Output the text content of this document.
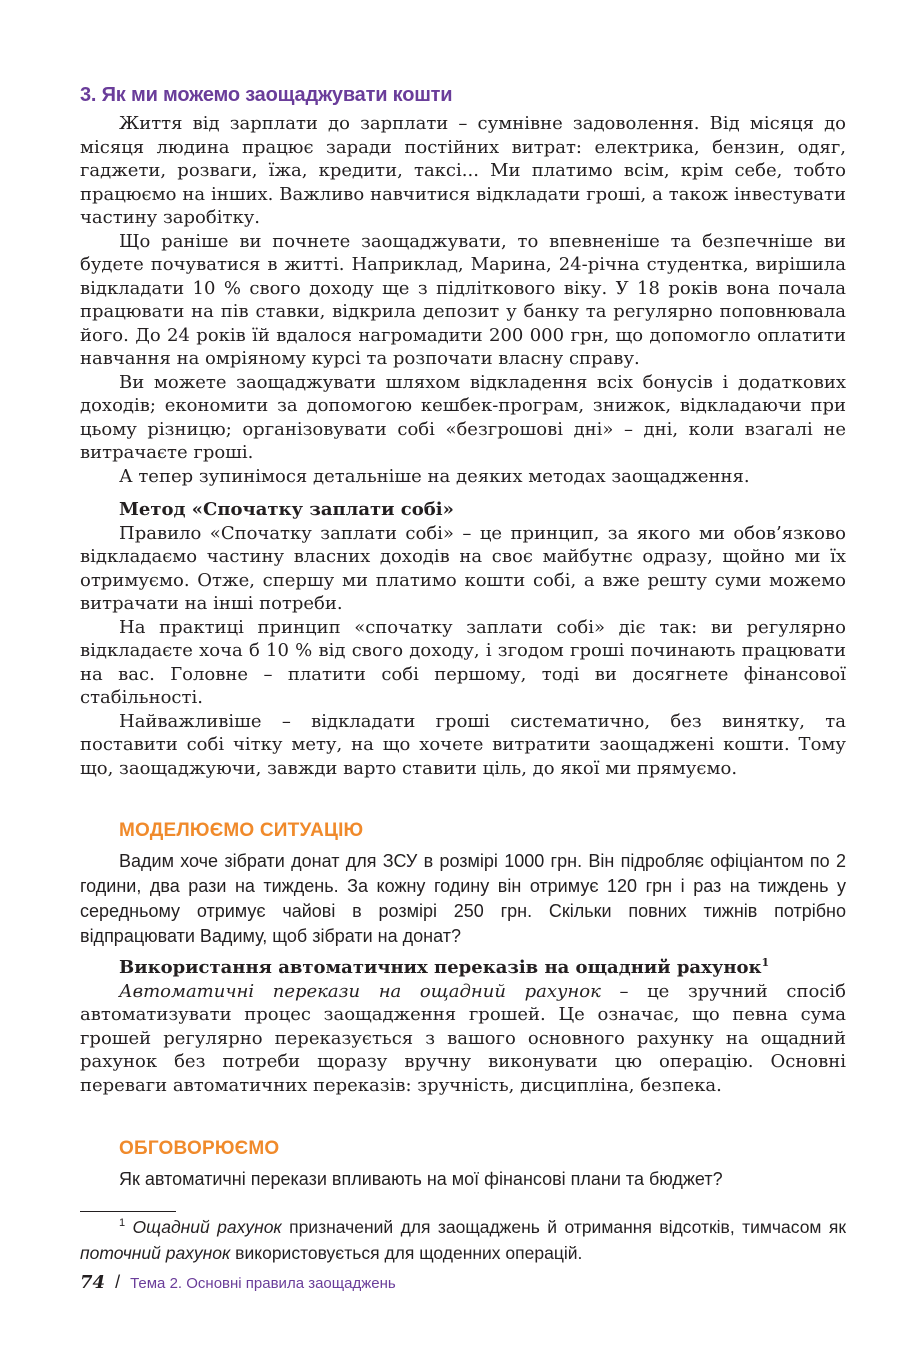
3. Як ми можемо заощаджувати кошти

Життя від зарплати до зарплати – сумнівне задоволення. Від місяця до місяця людина працює заради постійних витрат: електрика, бензин, одяг, гаджети, розваги, їжа, кредити, таксі... Ми платимо всім, крім себе, тобто працюємо на інших. Важливо навчитися відкладати гроші, а також інвестувати частину заробітку.

Що раніше ви почнете заощаджувати, то впевненіше та безпечніше ви будете почуватися в житті. Наприклад, Марина, 24-річна студентка, вирішила відкладати 10 % свого доходу ще з підліткового віку. У 18 років вона почала працювати на пів ставки, відкрила депозит у банку та регулярно поповнювала його. До 24 років їй вдалося нагромадити 200 000 грн, що допомогло оплатити навчання на омріяному курсі та розпочати власну справу.

Ви можете заощаджувати шляхом відкладення всіх бонусів і додаткових доходів; економити за допомогою кешбек-програм, знижок, відкладаючи при цьому різницю; організовувати собі «безгрошові дні» – дні, коли взагалі не витрачаєте гроші.

А тепер зупинімося детальніше на деяких методах заощадження.

Метод «Спочатку заплати собі»

Правило «Спочатку заплати собі» – це принцип, за якого ми обов’язково відкладаємо частину власних доходів на своє майбутнє одразу, щойно ми їх отримуємо. Отже, спершу ми платимо кошти собі, а вже решту суми можемо витрачати на інші потреби.

На практиці принцип «спочатку заплати собі» діє так: ви регулярно відкладаєте хоча б 10 % від свого доходу, і згодом гроші починають працювати на вас. Головне – платити собі першому, тоді ви досягнете фінансової стабільності.

Найважливіше – відкладати гроші систематично, без винятку, та поставити собі чітку мету, на що хочете витратити заощаджені кошти. Тому що, заощаджуючи, завжди варто ставити ціль, до якої ми прямуємо.

МОДЕЛЮЄМО СИТУАЦІЮ

Вадим хоче зібрати донат для ЗСУ в розмірі 1000 грн. Він підробляє офіціантом по 2 години, два рази на тиждень. За кожну годину він отримує 120 грн і раз на тиждень у середньому отримує чайові в розмірі 250 грн. Скільки повних тижнів потрібно відпрацювати Вадиму, щоб зібрати на донат?

Використання автоматичних переказів на ощадний рахунок$^1$

Автоматичні перекази на ощадний рахунок – це зручний спосіб автоматизувати процес заощадження грошей. Це означає, що певна сума грошей регулярно переказується з вашого основного рахунку на ощадний рахунок без потреби щоразу вручну виконувати цю операцію. Основні переваги автоматичних переказів: зручність, дисципліна, безпека.

ОБГОВОРЮЄМО

Як автоматичні перекази впливають на мої фінансові плани та бюджет?

$^1$ Ощадний рахунок призначений для заощаджень й отримання відсотків, тимчасом як поточний рахунок використовується для щоденних операцій.

74 / Тема 2. Основні правила заощаджень
